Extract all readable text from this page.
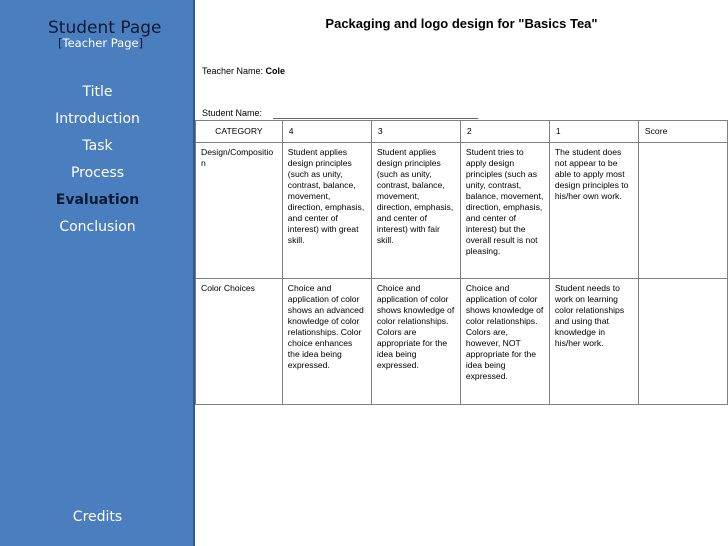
Student Page
[Teacher Page]
Title
Introduction
Task
Process
Evaluation
Conclusion
Credits
Packaging and logo design for "Basics Tea"
Teacher Name: Cole
Student Name:
CATEGORY	4	3	2	1	Score
Design/Composition	Student applies design principles (such as unity, contrast, balance, movement, direction, emphasis, and center of interest) with great skill.	Student applies design principles (such as unity, contrast, balance, movement, direction, emphasis, and center of interest) with fair skill.	Student tries to apply design principles (such as unity, contrast, balance, movement, direction, emphasis, and center of interest) but the overall result is not pleasing.	The student does not appear to be able to apply most design principles to his/her own work.	
Color Choices	Choice and application of color shows an advanced knowledge of color relationships. Color choice enhances the idea being expressed.	Choice and application of color shows knowledge of color relationships. Colors are appropriate for the idea being expressed.	Choice and application of color shows knowledge of color relationships. Colors are, however, NOT appropriate for the idea being expressed.	Student needs to work on learning color relationships and using that knowledge in his/her work.	
